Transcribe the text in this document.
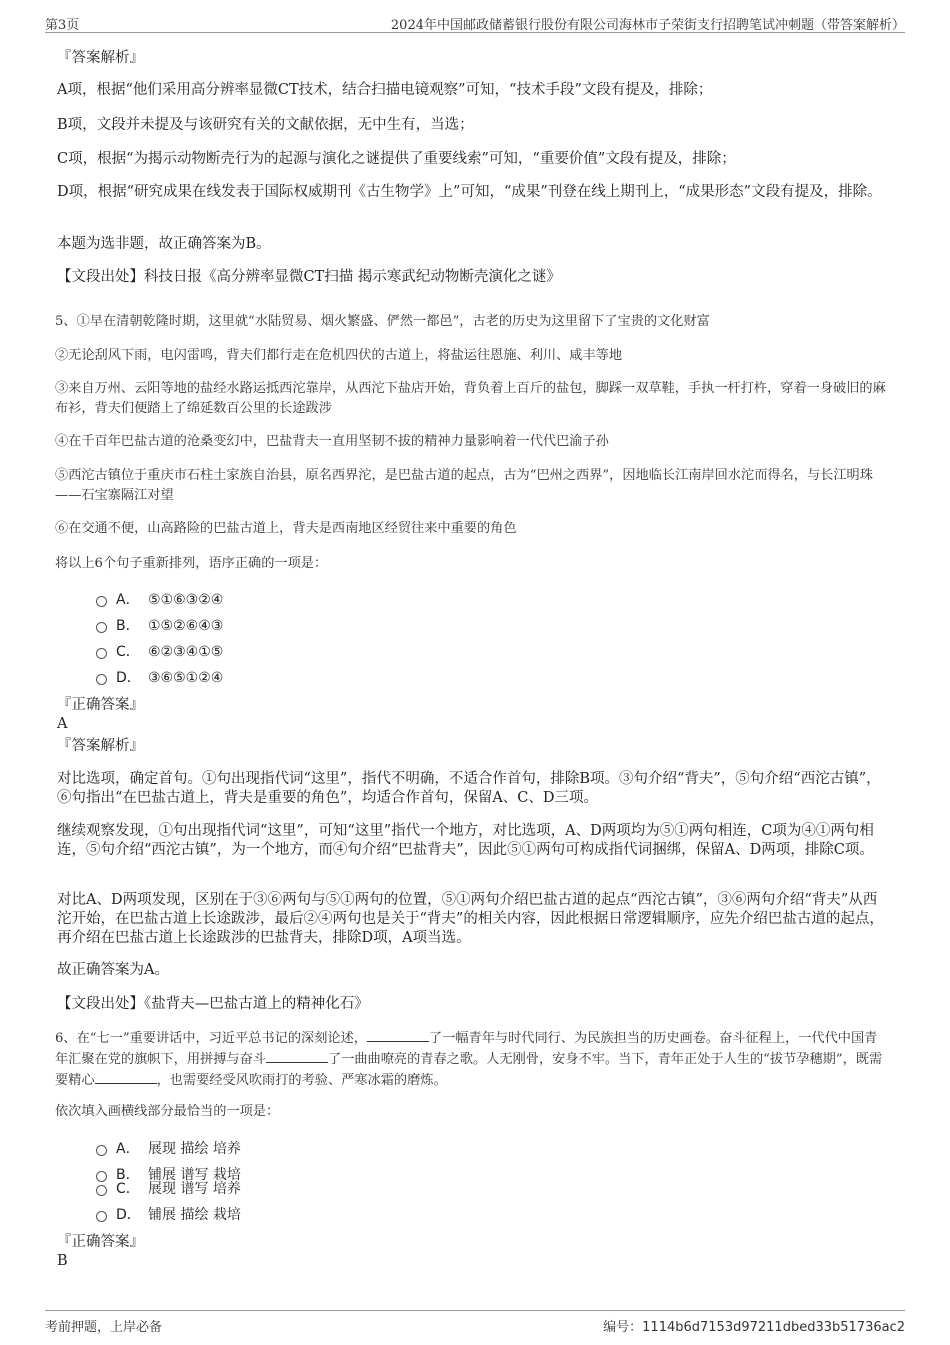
第3页	2024年中国邮政储蓄银行股份有限公司海林市子荣街支行招聘笔试冲刺题（带答案解析）
『答案解析』
A项，根据“他们采用高分辨率显微CT技术，结合扫描电镜观察”可知，“技术手段”文段有提及，排除；
B项，文段并未提及与该研究有关的文献依据，无中生有，当选；
C项，根据“为揭示动物断壳行为的起源与演化之谜提供了重要线索”可知，“重要价值”文段有提及，排除；
D项，根据“研究成果在线发表于国际权威期刊《古生物学》上”可知，“成果”刊登在线上期刊上，“成果形态”文段有提及，排除。
本题为选非题，故正确答案为B。
【文段出处】科技日报《高分辨率显微CT扫描 揭示寒武纪动物断壳演化之谜》
5、①早在清朝乾隆时期，这里就“水陆贸易、烟火繁盛、俨然一都邑”，古老的历史为这里留下了宝贵的文化财富
②无论刮风下雨，电闪雷鸣，背夫们都行走在危机四伏的古道上，将盐运往恩施、利川、咸丰等地
③来自万州、云阳等地的盐经水路运抵西沱靠岸，从西沱下盐店开始，背负着上百斤的盐包，脚踩一双草鞋，手执一杆打杵，穿着一身破旧的麻布衫，背夫们便踏上了绵延数百公里的长途跋涉
④在千百年巴盐古道的沧桑变幻中，巴盐背夫一直用坚韧不拔的精神力量影响着一代代巴渝子孙
⑤西沱古镇位于重庆市石柱土家族自治县，原名西界沱，是巴盐古道的起点，古为“巴州之西界”，因地临长江南岸回水沱而得名，与长江明珠——石宝寨隔江对望
⑥在交通不便，山高路险的巴盐古道上，背夫是西南地区经贸往来中重要的角色
将以上6个句子重新排列，语序正确的一项是：
A． ⑤①⑥③②④
B． ①⑤②⑥④③
C． ⑥②③④①⑤
D． ③⑥⑤①②④
『正确答案』
A
『答案解析』
对比选项，确定首句。①句出现指代词“这里”，指代不明确，不适合作首句，排除B项。③句介绍“背夫”，⑤句介绍“西沱古镇”，⑥句指出“在巴盐古道上，背夫是重要的角色”，均适合作首句，保留A、C、D三项。
继续观察发现，①句出现指代词“这里”，可知“这里”指代一个地方，对比选项，A、D两项均为⑤①两句相连，C项为④①两句相连，⑤句介绍“西沱古镇”，为一个地方，而④句介绍“巴盐背夫”，因此⑤①两句可构成指代词捆绑，保留A、D两项，排除C项。
对比A、D两项发现，区别在于③⑥两句与⑤①两句的位置，⑤①两句介绍巴盐古道的起点“西沱古镇”，③⑥两句介绍“背夫”从西沱开始，在巴盐古道上长途跋涉，最后②④两句也是关于“背夫”的相关内容，因此根据日常逻辑顺序，应先介绍巴盐古道的起点，再介绍在巴盐古道上长途跋涉的巴盐背夫，排除D项，A项当选。
故正确答案为A。
【文段出处】《盐背夫—巴盐古道上的精神化石》
6、在“七一”重要讲话中，习近平总书记的深刻论述，	了一幅青年与时代同行、为民族担当的历史画卷。奋斗征程上，一代代中国青年汇聚在党的旗帜下，用拼搏与奋斗	了一曲曲嘹亮的青春之歌。人无刚骨，安身不牢。当下，青年正处于人生的“拔节孕穗期”，既需要精心	，也需要经受风吹雨打的考验、严寒冰霜的磨炼。
依次填入画横线部分最恰当的一项是：
A． 展现 描绘 培养
B． 铺展 谱写 栽培
C． 展现 谱写 培养
D． 铺展 描绘 栽培
『正确答案』
B
考前押题，上岸必备	编号：1114b6d7153d97211dbed33b51736ac2
